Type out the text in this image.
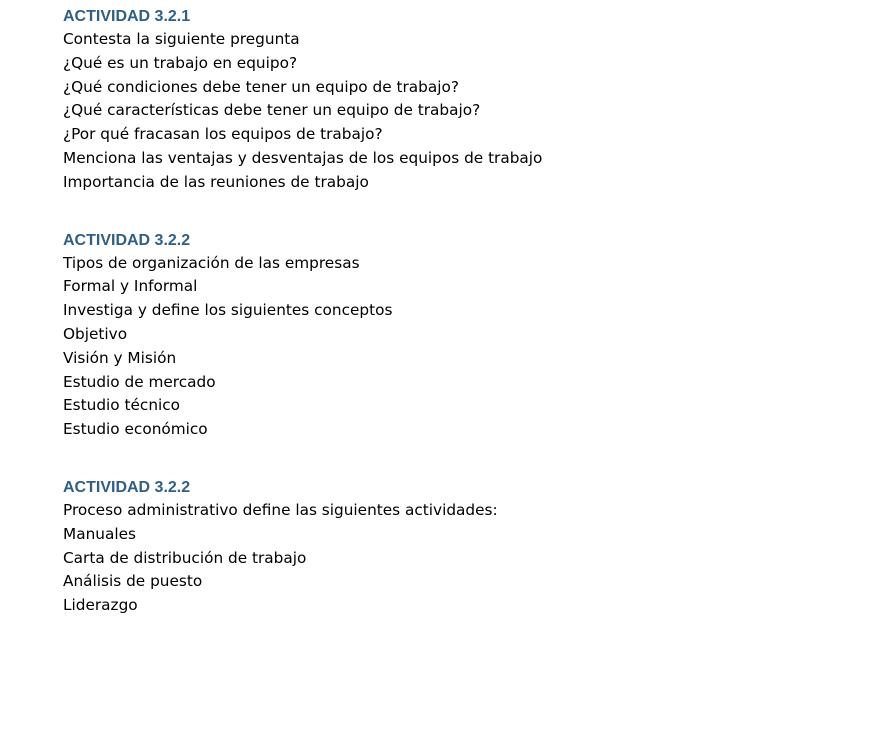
ACTIVIDAD 3.2.1
Contesta la siguiente pregunta
¿Qué es un trabajo en equipo?
¿Qué condiciones debe tener un equipo de trabajo?
¿Qué características debe tener un equipo de trabajo?
¿Por qué fracasan los equipos de trabajo?
Menciona las ventajas y desventajas de los equipos de trabajo
Importancia de las reuniones de trabajo
ACTIVIDAD 3.2.2
Tipos de organización de las empresas
Formal y Informal
Investiga y define los siguientes conceptos
Objetivo
Visión y Misión
Estudio de mercado
Estudio técnico
Estudio económico
ACTIVIDAD 3.2.2
Proceso administrativo define las siguientes actividades:
Manuales
Carta de distribución de trabajo
Análisis de puesto
Liderazgo
